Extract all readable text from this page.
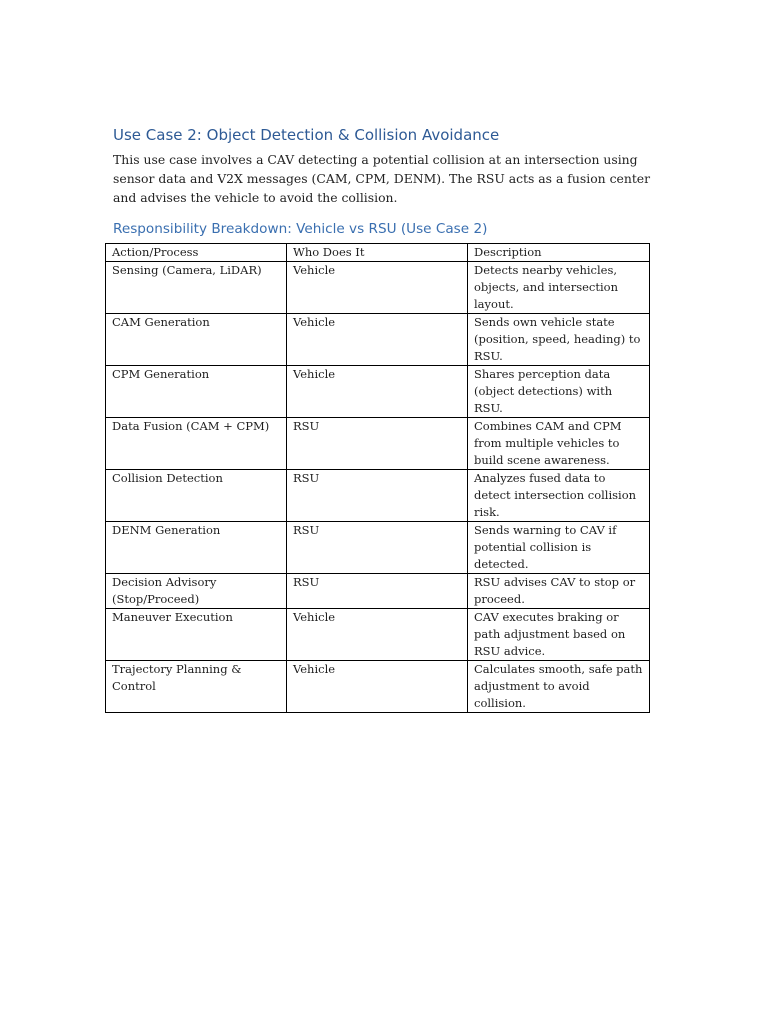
Use Case 2: Object Detection & Collision Avoidance

This use case involves a CAV detecting a potential collision at an intersection using sensor data and V2X messages (CAM, CPM, DENM). The RSU acts as a fusion center and advises the vehicle to avoid the collision.

Responsibility Breakdown: Vehicle vs RSU (Use Case 2)
Action/Process	Who Does It	Description
Sensing (Camera, LiDAR)	Vehicle	Detects nearby vehicles, objects, and intersection layout.
CAM Generation	Vehicle	Sends own vehicle state (position, speed, heading) to RSU.
CPM Generation	Vehicle	Shares perception data (object detections) with RSU.
Data Fusion (CAM + CPM)	RSU	Combines CAM and CPM from multiple vehicles to build scene awareness.
Collision Detection	RSU	Analyzes fused data to detect intersection collision risk.
DENM Generation	RSU	Sends warning to CAV if potential collision is detected.
Decision Advisory (Stop/Proceed)	RSU	RSU advises CAV to stop or proceed.
Maneuver Execution	Vehicle	CAV executes braking or path adjustment based on RSU advice.
Trajectory Planning & Control	Vehicle	Calculates smooth, safe path adjustment to avoid collision.
